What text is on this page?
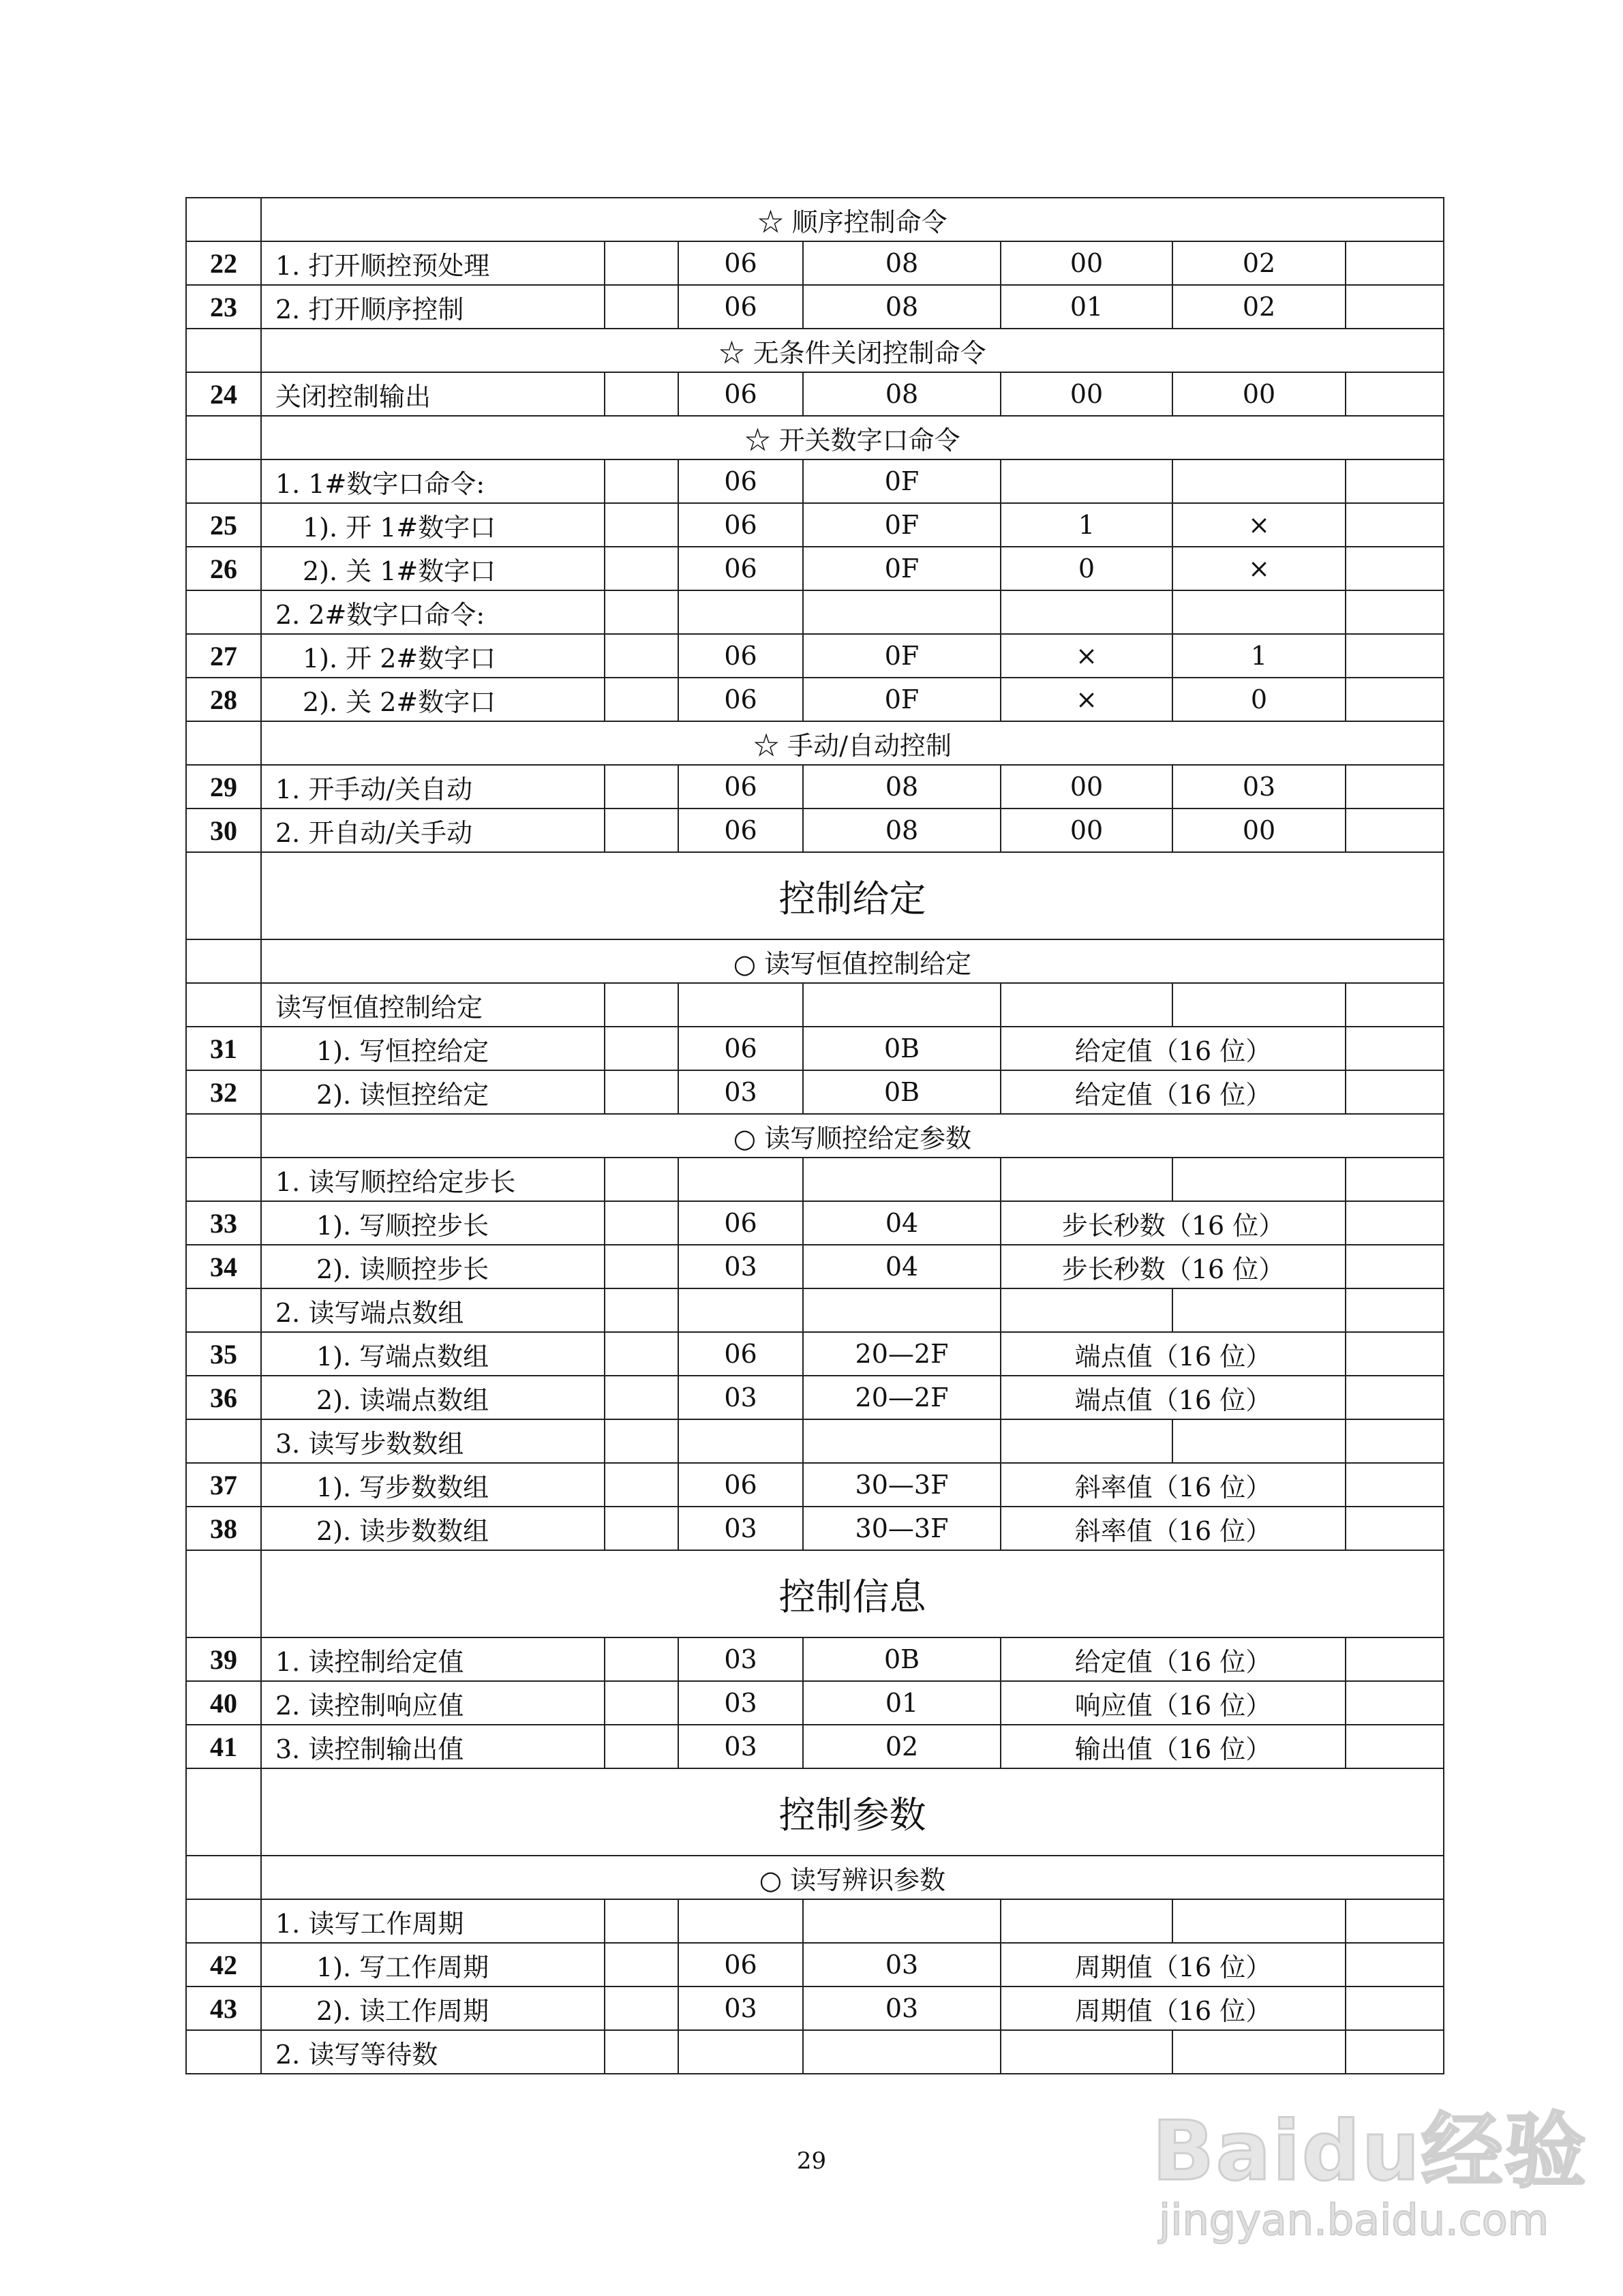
	☆ 顺序控制命令						
22	1. 打开顺控预处理		06	08	00	02	
23	2. 打开顺序控制		06	08	01	02	
	☆ 无条件关闭控制命令						
24	关闭控制输出		06	08	00	00	
	☆ 开关数字口命令						
	1. 1#数字口命令:		06	0F			
25	1). 开 1#数字口		06	0F	1	×	
26	2). 关 1#数字口		06	0F	0	×	
	2. 2#数字口命令:						
27	1). 开 2#数字口		06	0F	×	1	
28	2). 关 2#数字口		06	0F	×	0	
	☆ 手动/自动控制						
29	1. 开手动/关自动		06	08	00	03	
30	2. 开自动/关手动		06	08	00	00	
	控制给定						
	○ 读写恒值控制给定						
	读写恒值控制给定						
31	1). 写恒控给定		06	0B	给定值（16 位）		
32	2). 读恒控给定		03	0B	给定值（16 位）		
	○ 读写顺控给定参数						
	1. 读写顺控给定步长						
33	1). 写顺控步长		06	04	步长秒数（16 位）		
34	2). 读顺控步长		03	04	步长秒数（16 位）		
	2. 读写端点数组						
35	1). 写端点数组		06	20—2F	端点值（16 位）		
36	2). 读端点数组		03	20—2F	端点值（16 位）		
	3. 读写步数数组						
37	1). 写步数数组		06	30—3F	斜率值（16 位）		
38	2). 读步数数组		03	30—3F	斜率值（16 位）		
	控制信息						
39	1. 读控制给定值		03	0B	给定值（16 位）		
40	2. 读控制响应值		03	01	响应值（16 位）		
41	3. 读控制输出值		03	02	输出值（16 位）		
	控制参数						
	○ 读写辨识参数						
	1. 读写工作周期						
42	1). 写工作周期		06	03	周期值（16 位）		
43	2). 读工作周期		03	03	周期值（16 位）		
	2. 读写等待数						
29	Baidu经验
jingyan.baidu.com
